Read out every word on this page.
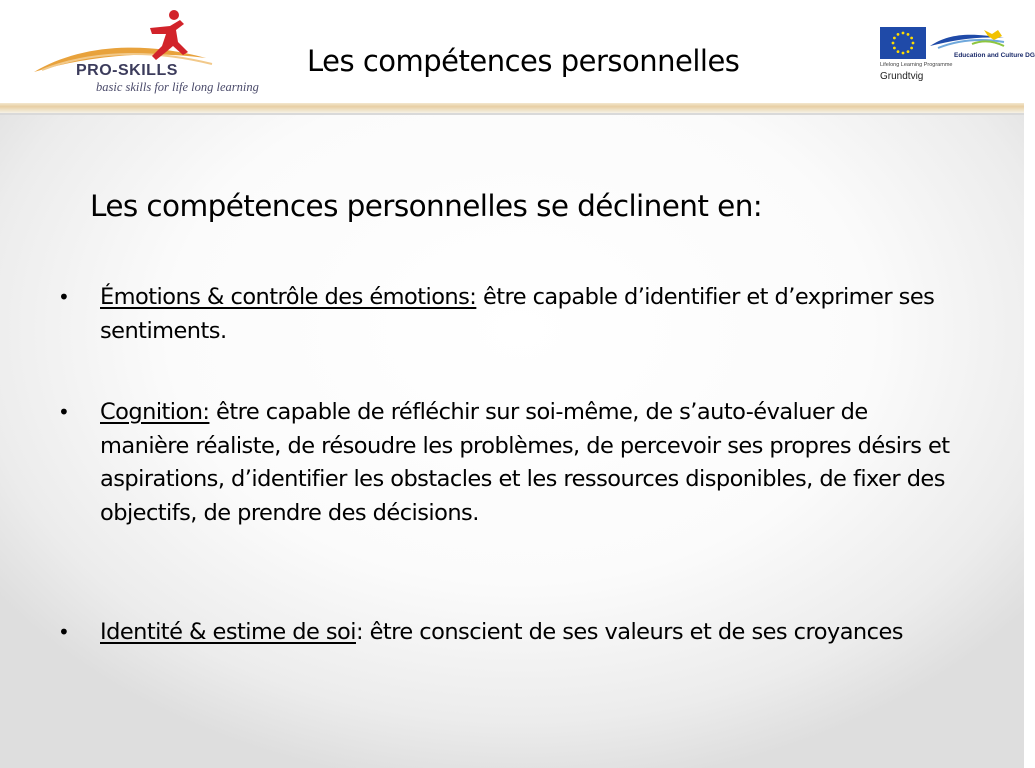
PRO-SKILLS
basic skills for life long learning
Les compétences personnelles	Education and Culture DG
Lifelong Learning Programme
Grundtvig
Les compétences personnelles se déclinent en:
•	Émotions & contrôle des émotions: être capable d’identifier et d’exprimer ses sentiments.
•	Cognition: être capable de réfléchir sur soi-même, de s’auto-évaluer de manière réaliste, de résoudre les problèmes, de percevoir ses propres désirs et aspirations, d’identifier les obstacles et les ressources disponibles, de fixer des objectifs, de prendre des décisions.
•	Identité & estime de soi: être conscient de ses valeurs et de ses croyances
